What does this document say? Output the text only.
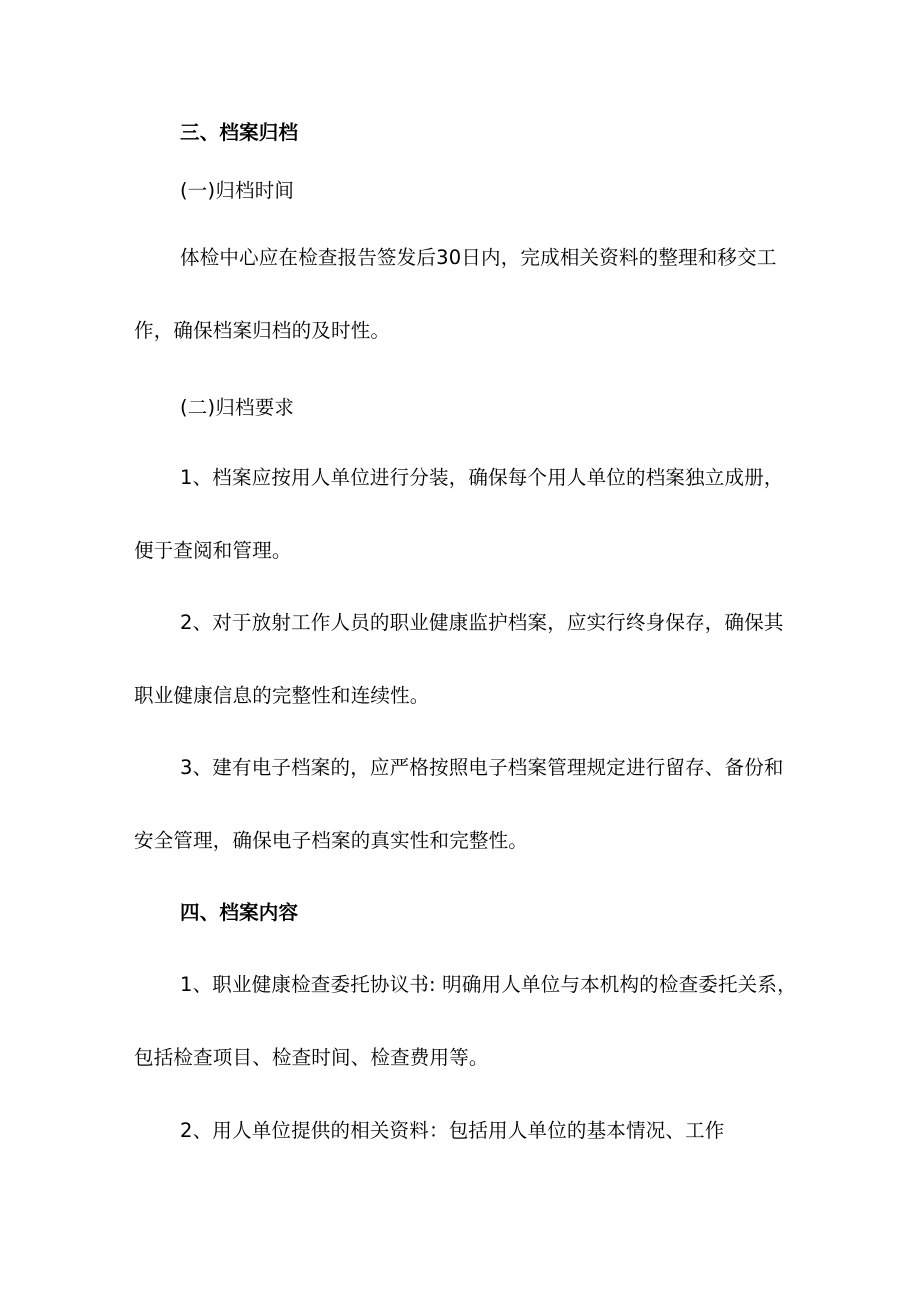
三、档案归档
(一)归档时间
体检中心应在检查报告签发后30日内，完成相关资料的整理和移交工
作，确保档案归档的及时性。
(二)归档要求
1、档案应按用人单位进行分装，确保每个用人单位的档案独立成册，
便于查阅和管理。
2、对于放射工作人员的职业健康监护档案，应实行终身保存，确保其
职业健康信息的完整性和连续性。
3、建有电子档案的，应严格按照电子档案管理规定进行留存、备份和
安全管理，确保电子档案的真实性和完整性。
四、档案内容
1、职业健康检查委托协议书: 明确用人单位与本机构的检查委托关系，
包括检查项目、检查时间、检查费用等。
2、用人单位提供的相关资料：包括用人单位的基本情况、工作
